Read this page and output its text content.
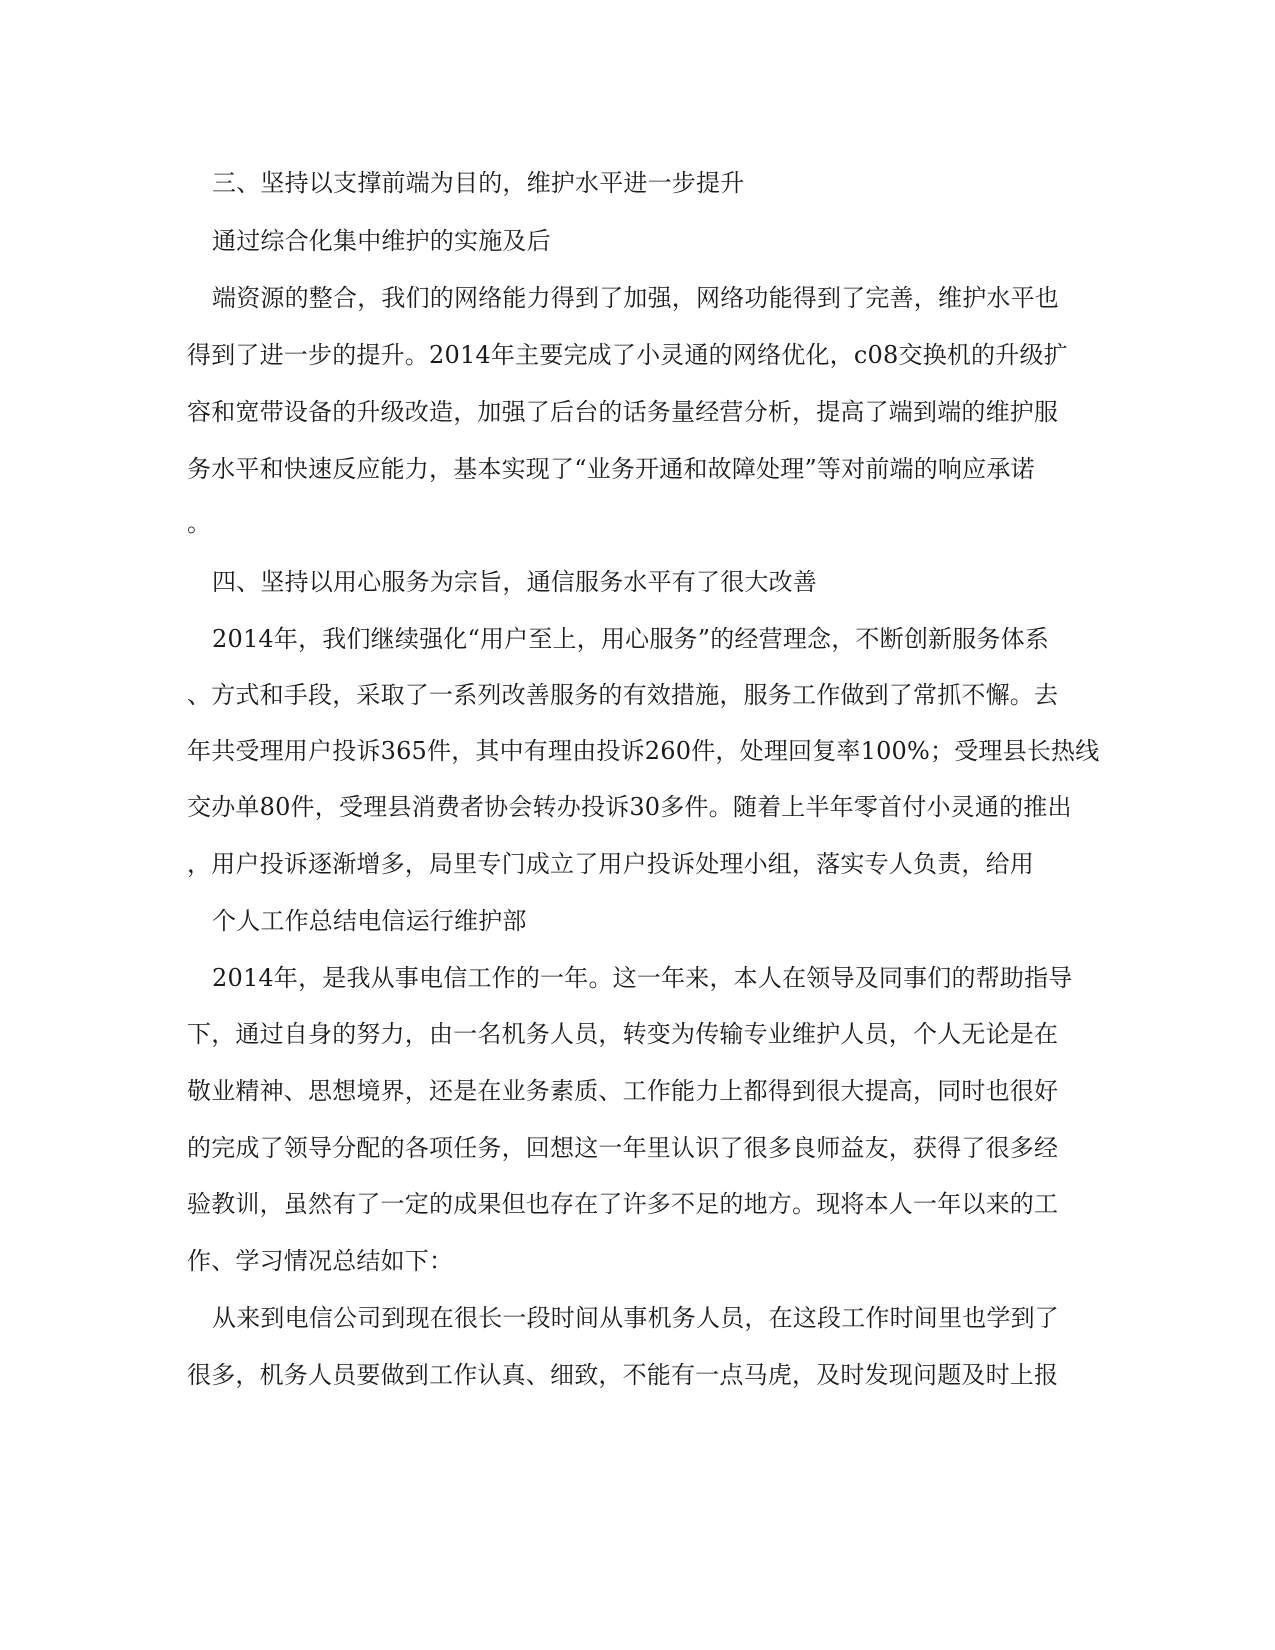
三、坚持以支撑前端为目的，维护水平进一步提升
通过综合化集中维护的实施及后
端资源的整合，我们的网络能力得到了加强，网络功能得到了完善，维护水平也
得到了进一步的提升。2014年主要完成了小灵通的网络优化，c08交换机的升级扩
容和宽带设备的升级改造，加强了后台的话务量经营分析，提高了端到端的维护服
务水平和快速反应能力，基本实现了“业务开通和故障处理”等对前端的响应承诺
。
四、坚持以用心服务为宗旨，通信服务水平有了很大改善
2014年，我们继续强化“用户至上，用心服务”的经营理念，不断创新服务体系
、方式和手段，采取了一系列改善服务的有效措施，服务工作做到了常抓不懈。去
年共受理用户投诉365件，其中有理由投诉260件，处理回复率100%；受理县长热线
交办单80件，受理县消费者协会转办投诉30多件。随着上半年零首付小灵通的推出
，用户投诉逐渐增多，局里专门成立了用户投诉处理小组，落实专人负责，给用
个人工作总结电信运行维护部
2014年，是我从事电信工作的一年。这一年来，本人在领导及同事们的帮助指导
下，通过自身的努力，由一名机务人员，转变为传输专业维护人员，个人无论是在
敬业精神、思想境界，还是在业务素质、工作能力上都得到很大提高，同时也很好
的完成了领导分配的各项任务，回想这一年里认识了很多良师益友，获得了很多经
验教训，虽然有了一定的成果但也存在了许多不足的地方。现将本人一年以来的工
作、学习情况总结如下：
从来到电信公司到现在很长一段时间从事机务人员，在这段工作时间里也学到了
很多，机务人员要做到工作认真、细致，不能有一点马虎，及时发现问题及时上报
